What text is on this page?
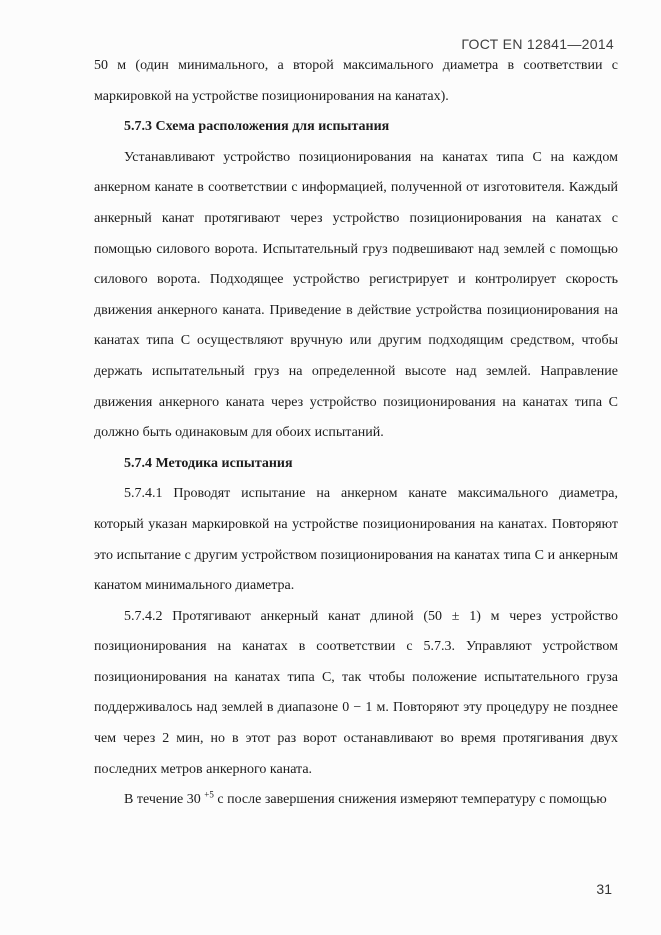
ГОСТ EN 12841—2014

50 м (один минимального, а второй максимального диаметра в соответствии с маркировкой на устройстве позиционирования на канатах).

5.7.3 Схема расположения для испытания

Устанавливают устройство позиционирования на канатах типа С на каждом анкерном канате в соответствии с информацией, полученной от изготовителя. Каждый анкерный канат протягивают через устройство позиционирования на канатах с помощью силового ворота. Испытательный груз подвешивают над землей с помощью силового ворота. Подходящее устройство регистрирует и контролирует скорость движения анкерного каната. Приведение в действие устройства позиционирования на канатах типа С осуществляют вручную или другим подходящим средством, чтобы держать испытательный груз на определенной высоте над землей. Направление движения анкерного каната через устройство позиционирования на канатах типа С должно быть одинаковым для обоих испытаний.

5.7.4 Методика испытания

5.7.4.1 Проводят испытание на анкерном канате максимального диаметра, который указан маркировкой на устройстве позиционирования на канатах. Повторяют это испытание с другим устройством позиционирования на канатах типа С и анкерным канатом минимального диаметра.

5.7.4.2 Протягивают анкерный канат длиной (50 ± 1) м через устройство позиционирования на канатах в соответствии с 5.7.3. Управляют устройством позиционирования на канатах типа С, так чтобы положение испытательного груза поддерживалось над землей в диапазоне 0 − 1 м. Повторяют эту процедуру не позднее чем через 2 мин, но в этот раз ворот останавливают во время протягивания двух последних метров анкерного каната.

В течение 30 $^{+5}$ с после завершения снижения измеряют температуру с помощью

31
